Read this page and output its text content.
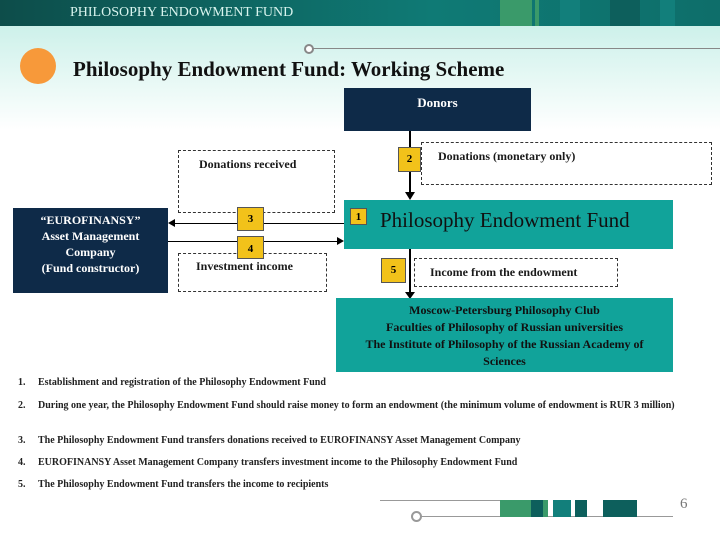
PHILOSOPHY ENDOWMENT FUND
Philosophy Endowment Fund: Working Scheme
Donors
2	Donations (monetary only)
Donations received
“EUROFINANSY”
Asset Management
Company
(Fund constructor)
3
Investment income
4
1 Philosophy Endowment Fund
5	Income from the endowment
Moscow-Petersburg Philosophy Club
Faculties of Philosophy of Russian universities
The Institute of Philosophy of the Russian Academy of Sciences
1. Establishment and registration of the Philosophy Endowment Fund
2. During one year, the Philosophy Endowment Fund should raise money to form an endowment (the minimum volume of endowment is RUR 3 million)
3. The Philosophy Endowment Fund transfers donations received to EUROFINANSY Asset Management Company
4. EUROFINANSY Asset Management Company transfers investment income to the Philosophy Endowment Fund
5. The Philosophy Endowment Fund transfers the income to recipients
6
